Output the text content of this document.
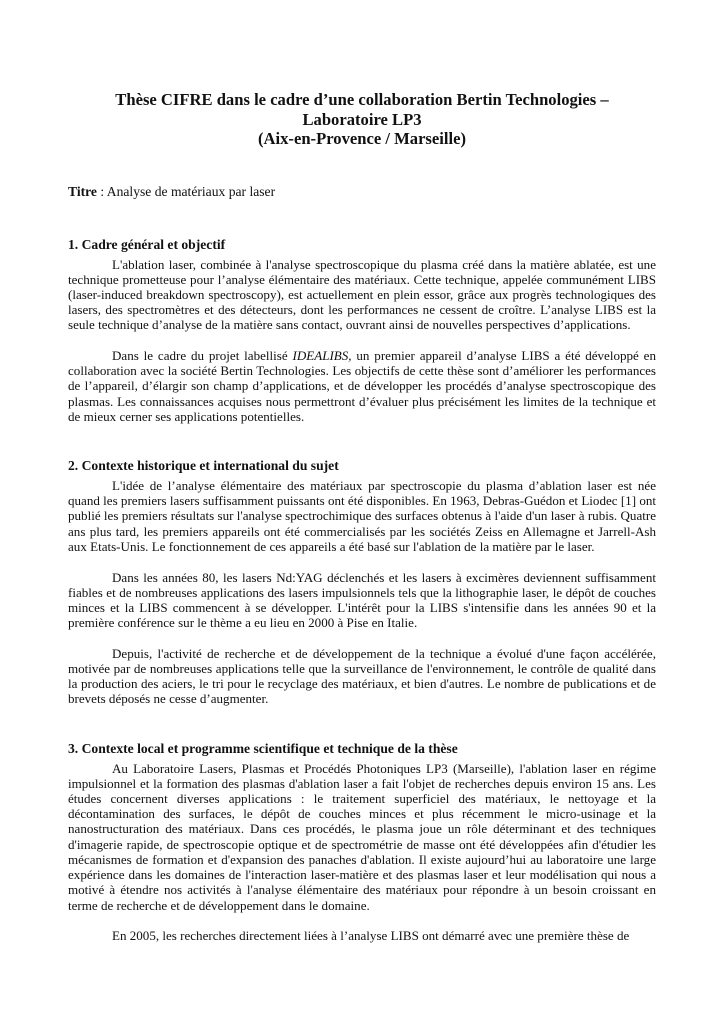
Thèse CIFRE dans le cadre d’une collaboration Bertin Technologies –
Laboratoire LP3
(Aix-en-Provence / Marseille)
Titre : Analyse de matériaux par laser
1. Cadre général et objectif

L'ablation laser, combinée à l'analyse spectroscopique du plasma créé dans la matière ablatée, est une technique prometteuse pour l’analyse élémentaire des matériaux. Cette technique, appelée communément LIBS (laser-induced breakdown spectroscopy), est actuellement en plein essor, grâce aux progrès technologiques des lasers, des spectromètres et des détecteurs, dont les performances ne cessent de croître. L’analyse LIBS est la seule technique d’analyse de la matière sans contact, ouvrant ainsi de nouvelles perspectives d’applications.

Dans le cadre du projet labellisé IDEALIBS, un premier appareil d’analyse LIBS a été développé en collaboration avec la société Bertin Technologies. Les objectifs de cette thèse sont d’améliorer les performances de l’appareil, d’élargir son champ d’applications, et de développer les procédés d’analyse spectroscopique des plasmas. Les connaissances acquises nous permettront d’évaluer plus précisément les limites de la technique et de mieux cerner ses applications potentielles.

2. Contexte historique et international du sujet

L'idée de l’analyse élémentaire des matériaux par spectroscopie du plasma d’ablation laser est née quand les premiers lasers suffisamment puissants ont été disponibles. En 1963, Debras-Guédon et Liodec [1] ont publié les premiers résultats sur l'analyse spectrochimique des surfaces obtenus à l'aide d'un laser à rubis. Quatre ans plus tard, les premiers appareils ont été commercialisés par les sociétés Zeiss en Allemagne et Jarrell-Ash aux Etats-Unis. Le fonctionnement de ces appareils a été basé sur l'ablation de la matière par le laser.

Dans les années 80, les lasers Nd:YAG déclenchés et les lasers à excimères deviennent suffisamment fiables et de nombreuses applications des lasers impulsionnels tels que la lithographie laser, le dépôt de couches minces et la LIBS commencent à se développer. L'intérêt pour la LIBS s'intensifie dans les années 90 et la première conférence sur le thème a eu lieu en 2000 à Pise en Italie.

Depuis, l'activité de recherche et de développement de la technique a évolué d'une façon accélérée, motivée par de nombreuses applications telle que la surveillance de l'environnement, le contrôle de qualité dans la production des aciers, le tri pour le recyclage des matériaux, et bien d'autres. Le nombre de publications et de brevets déposés ne cesse d’augmenter.

3. Contexte local et programme scientifique et technique de la thèse

Au Laboratoire Lasers, Plasmas et Procédés Photoniques LP3 (Marseille), l'ablation laser en régime impulsionnel et la formation des plasmas d'ablation laser a fait l'objet de recherches depuis environ 15 ans. Les études concernent diverses applications : le traitement superficiel des matériaux, le nettoyage et la décontamination des surfaces, le dépôt de couches minces et plus récemment le micro-usinage et la nanostructuration des matériaux. Dans ces procédés, le plasma joue un rôle déterminant et des techniques d'imagerie rapide, de spectroscopie optique et de spectrométrie de masse ont été développées afin d'étudier les mécanismes de formation et d'expansion des panaches d'ablation. Il existe aujourd’hui au laboratoire une large expérience dans les domaines de l'interaction laser-matière et des plasmas laser et leur modélisation qui nous a motivé à étendre nos activités à l'analyse élémentaire des matériaux pour répondre à un besoin croissant en terme de recherche et de développement dans le domaine.

En 2005, les recherches directement liées à l’analyse LIBS ont démarré avec une première thèse de
